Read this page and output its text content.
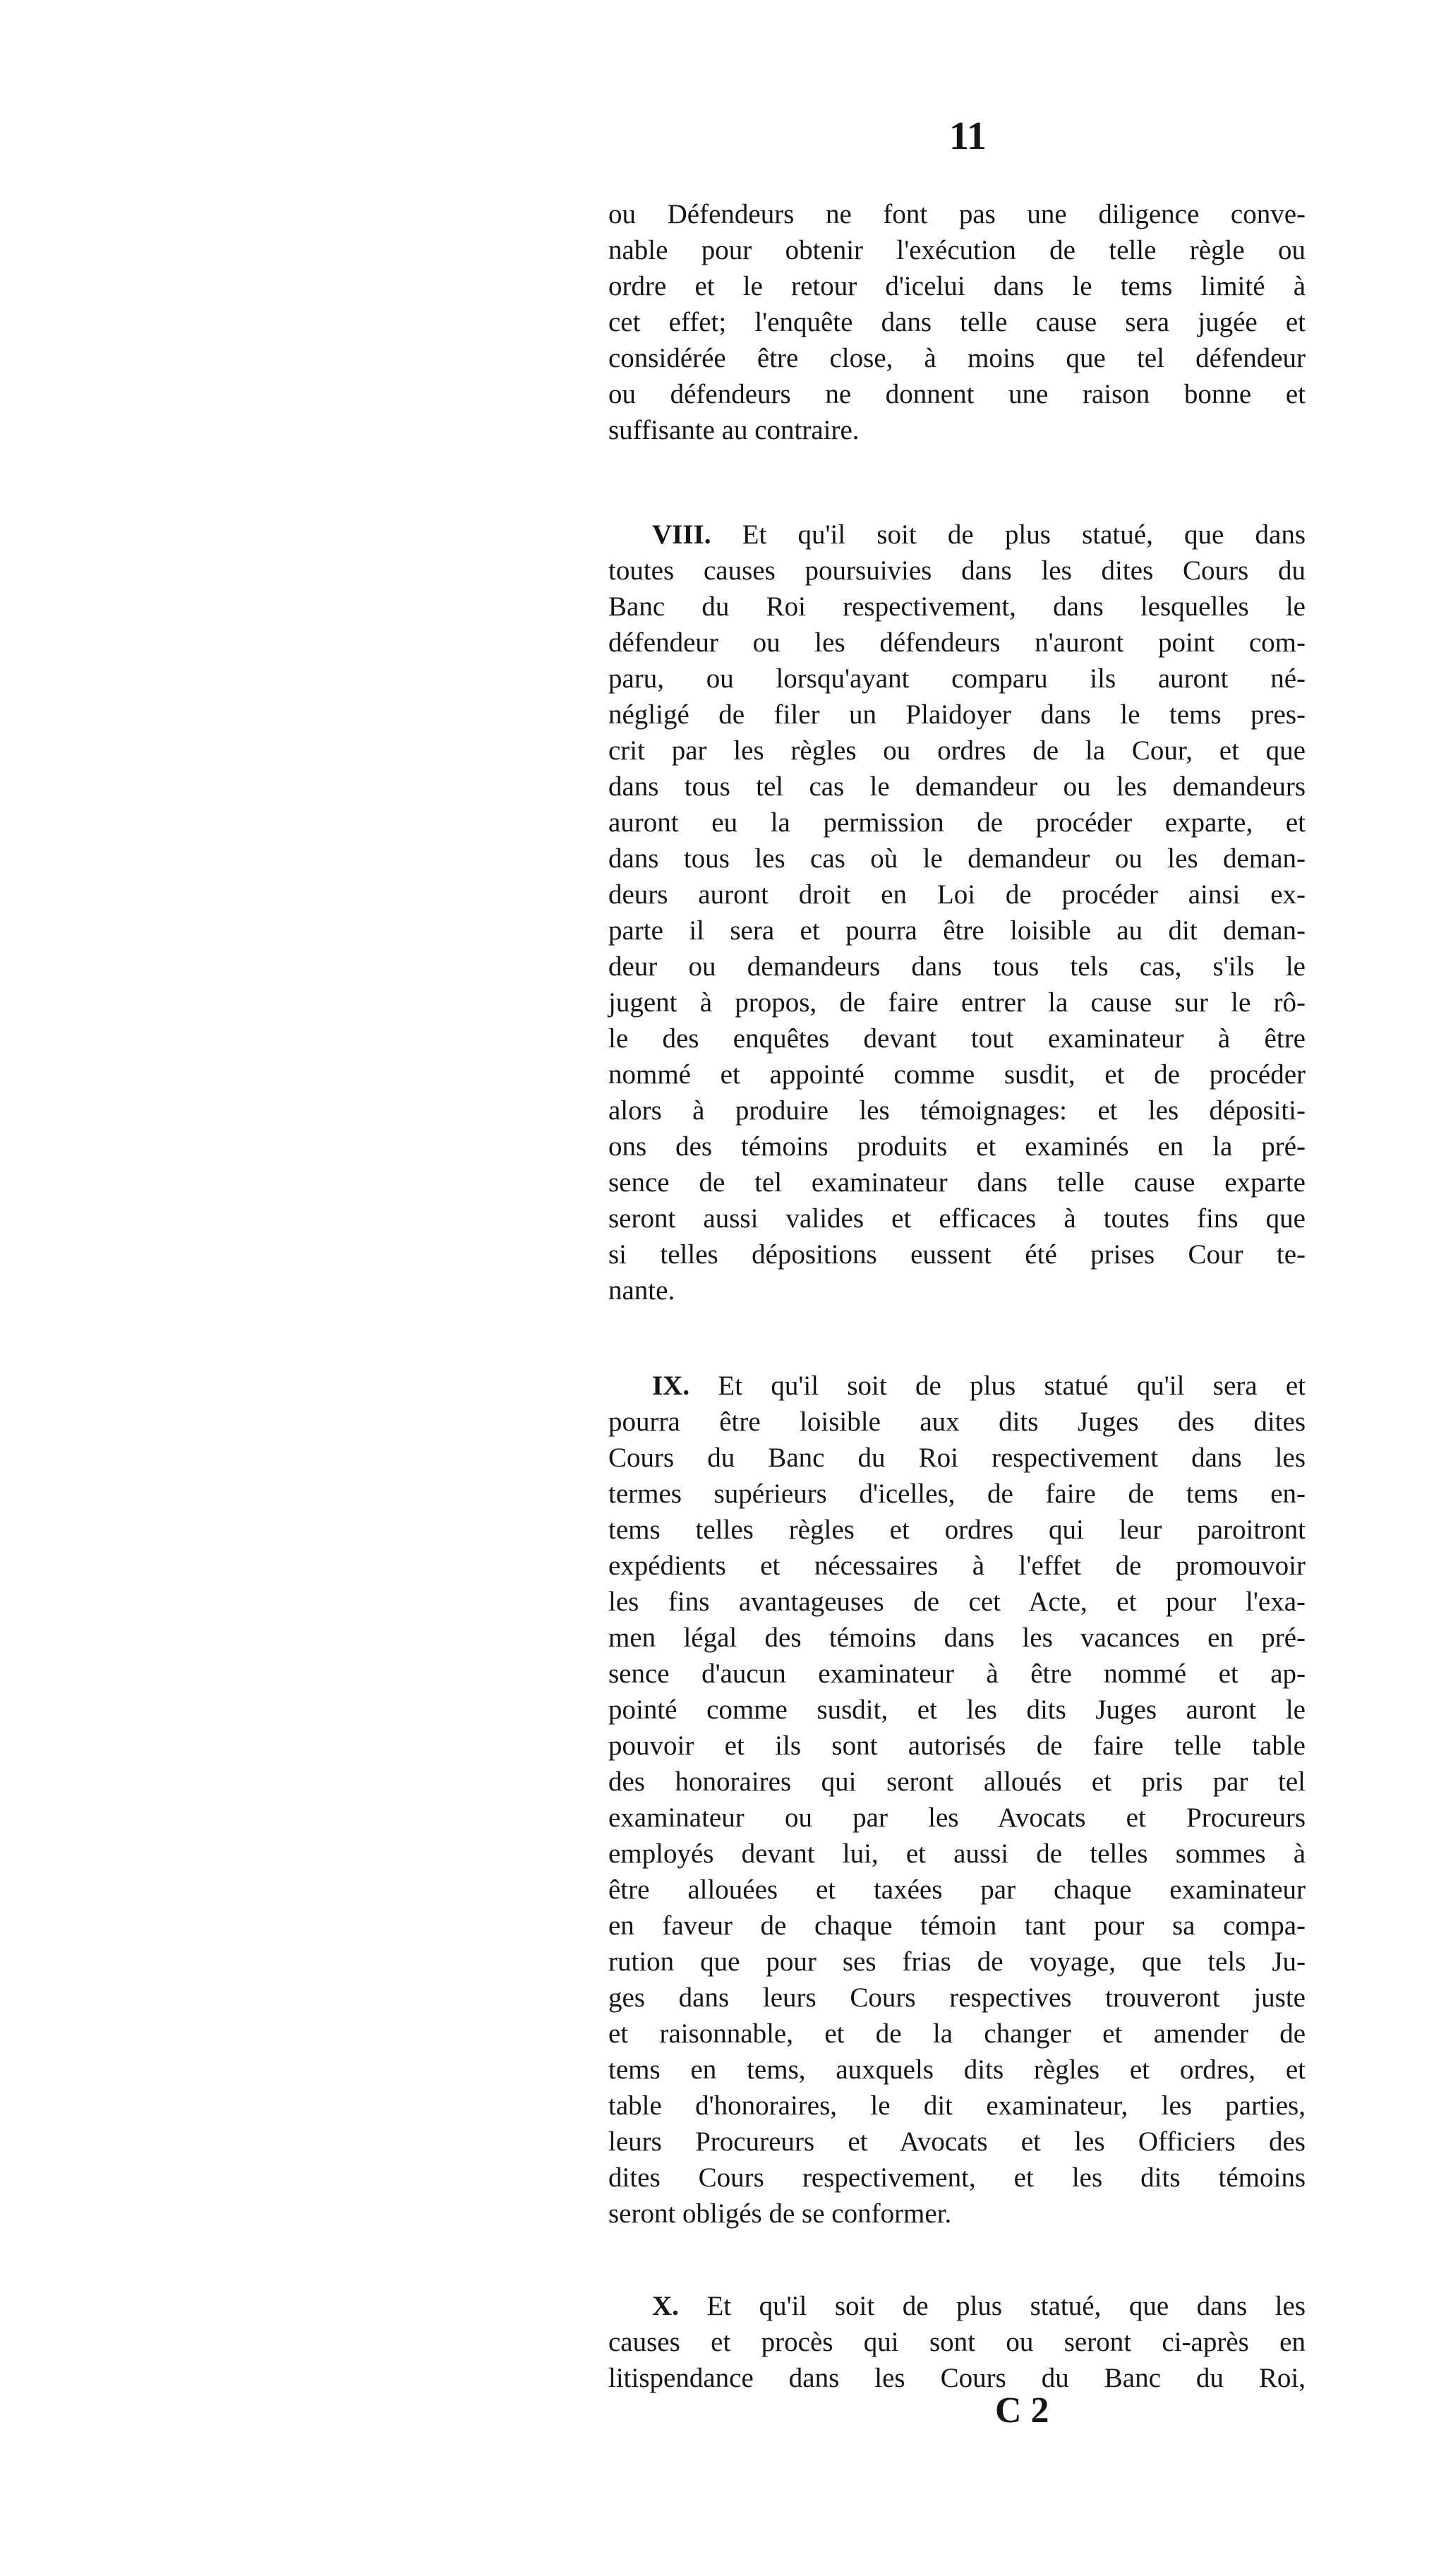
11
ou Défendeurs ne font pas une diligence conve-
nable pour obtenir l'exécution de telle règle ou
ordre et le retour d'icelui dans le tems limité à
cet effet; l'enquête dans telle cause sera jugée et
considérée être close, à moins que tel défendeur
ou défendeurs ne donnent une raison bonne et
suffisante au contraire.
VIII. Et qu'il soit de plus statué, que dans
toutes causes poursuivies dans les dites Cours du
Banc du Roi respectivement, dans lesquelles le
défendeur ou les défendeurs n'auront point com-
paru, ou lorsqu'ayant comparu ils auront né-
négligé de filer un Plaidoyer dans le tems pres-
crit par les règles ou ordres de la Cour, et que
dans tous tel cas le demandeur ou les demandeurs
auront eu la permission de procéder exparte, et
dans tous les cas où le demandeur ou les deman-
deurs auront droit en Loi de procéder ainsi ex-
parte il sera et pourra être loisible au dit deman-
deur ou demandeurs dans tous tels cas, s'ils le
jugent à propos, de faire entrer la cause sur le rô-
le des enquêtes devant tout examinateur à être
nommé et appointé comme susdit, et de procéder
alors à produire les témoignages: et les dépositi-
ons des témoins produits et examinés en la pré-
sence de tel examinateur dans telle cause exparte
seront aussi valides et efficaces à toutes fins que
si telles dépositions eussent été prises Cour te-
nante.
IX. Et qu'il soit de plus statué qu'il sera et
pourra être loisible aux dits Juges des dites
Cours du Banc du Roi respectivement dans les
termes supérieurs d'icelles, de faire de tems en-
tems telles règles et ordres qui leur paroitront
expédients et nécessaires à l'effet de promouvoir
les fins avantageuses de cet Acte, et pour l'exa-
men légal des témoins dans les vacances en pré-
sence d'aucun examinateur à être nommé et ap-
pointé comme susdit, et les dits Juges auront le
pouvoir et ils sont autorisés de faire telle table
des honoraires qui seront alloués et pris par tel
examinateur ou par les Avocats et Procureurs
employés devant lui, et aussi de telles sommes à
être allouées et taxées par chaque examinateur
en faveur de chaque témoin tant pour sa compa-
rution que pour ses frias de voyage, que tels Ju-
ges dans leurs Cours respectives trouveront juste
et raisonnable, et de la changer et amender de
tems en tems, auxquels dits règles et ordres, et
table d'honoraires, le dit examinateur, les parties,
leurs Procureurs et Avocats et les Officiers des
dites Cours respectivement, et les dits témoins
seront obligés de se conformer.
X. Et qu'il soit de plus statué, que dans les
causes et procès qui sont ou seront ci-après en
litispendance dans les Cours du Banc du Roi,
C 2
